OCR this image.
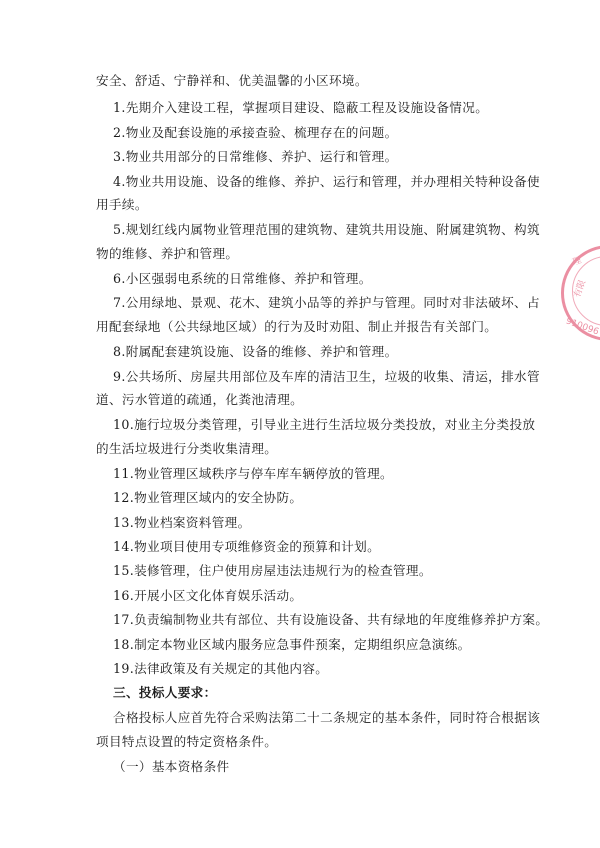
安全、舒适、宁静祥和、优美温馨的小区环境。
1.先期介入建设工程，掌握项目建设、隐蔽工程及设施设备情况。
2.物业及配套设施的承接查验、梳理存在的问题。
3.物业共用部分的日常维修、养护、运行和管理。
4.物业共用设施、设备的维修、养护、运行和管理，并办理相关特种设备使
用手续。
5.规划红线内属物业管理范围的建筑物、建筑共用设施、附属建筑物、构筑
物的维修、养护和管理。
6.小区强弱电系统的日常维修、养护和管理。
7.公用绿地、景观、花木、建筑小品等的养护与管理。同时对非法破坏、占
用配套绿地（公共绿地区域）的行为及时劝阻、制止并报告有关部门。
8.附属配套建筑设施、设备的维修、养护和管理。
9.公共场所、房屋共用部位及车库的清洁卫生，垃圾的收集、清运，排水管
道、污水管道的疏通，化粪池清理。
10.施行垃圾分类管理，引导业主进行生活垃圾分类投放，对业主分类投放
的生活垃圾进行分类收集清理。
11.物业管理区域秩序与停车库车辆停放的管理。
12.物业管理区域内的安全协防。
13.物业档案资料管理。
14.物业项目使用专项维修资金的预算和计划。
15.装修管理，住户使用房屋违法违规行为的检查管理。
16.开展小区文化体育娱乐活动。
17.负责编制物业共有部位、共有设施设备、共有绿地的年度维修养护方案。
18.制定本物业区域内服务应急事件预案，定期组织应急演练。
19.法律政策及有关规定的其他内容。
三、投标人要求：
合格投标人应首先符合采购法第二十二条规定的基本条件，同时符合根据该
项目特点设置的特定资格条件。
（一）基本资格条件
理
有限
910096
